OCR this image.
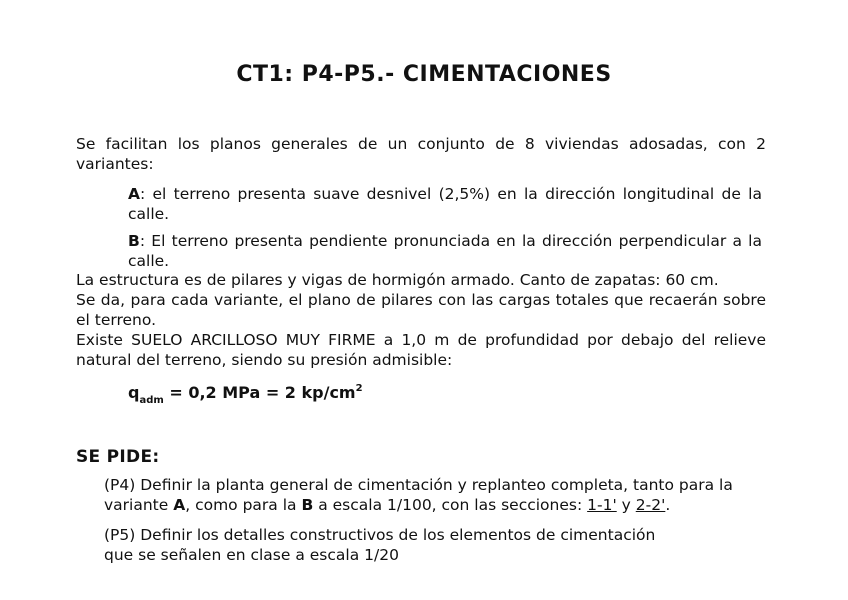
CT1: P4-P5.- CIMENTACIONES

Se facilitan los planos generales de un conjunto de 8 viviendas adosadas, con 2 variantes:

A: el terreno presenta suave desnivel (2,5%) en la dirección longitudinal de la calle.

B: El terreno presenta pendiente pronunciada en la dirección perpendicular a la calle.

La estructura es de pilares y vigas de hormigón armado. Canto de zapatas: 60 cm.
Se da, para cada variante, el plano de pilares con las cargas totales que recaerán sobre el terreno.
Existe SUELO ARCILLOSO MUY FIRME a 1,0 m de profundidad por debajo del relieve natural del terreno, siendo su presión admisible:
$q_{adm} = 0,2$ MPa = 2 $kp/cm^2$
SE PIDE:

(P4) Definir la planta general de cimentación y replanteo completa, tanto para la variante A, como para la B a escala 1/100, con las secciones: 1-1' y 2-2'.

(P5) Definir los detalles constructivos de los elementos de cimentación
que se señalen en clase a escala 1/20
